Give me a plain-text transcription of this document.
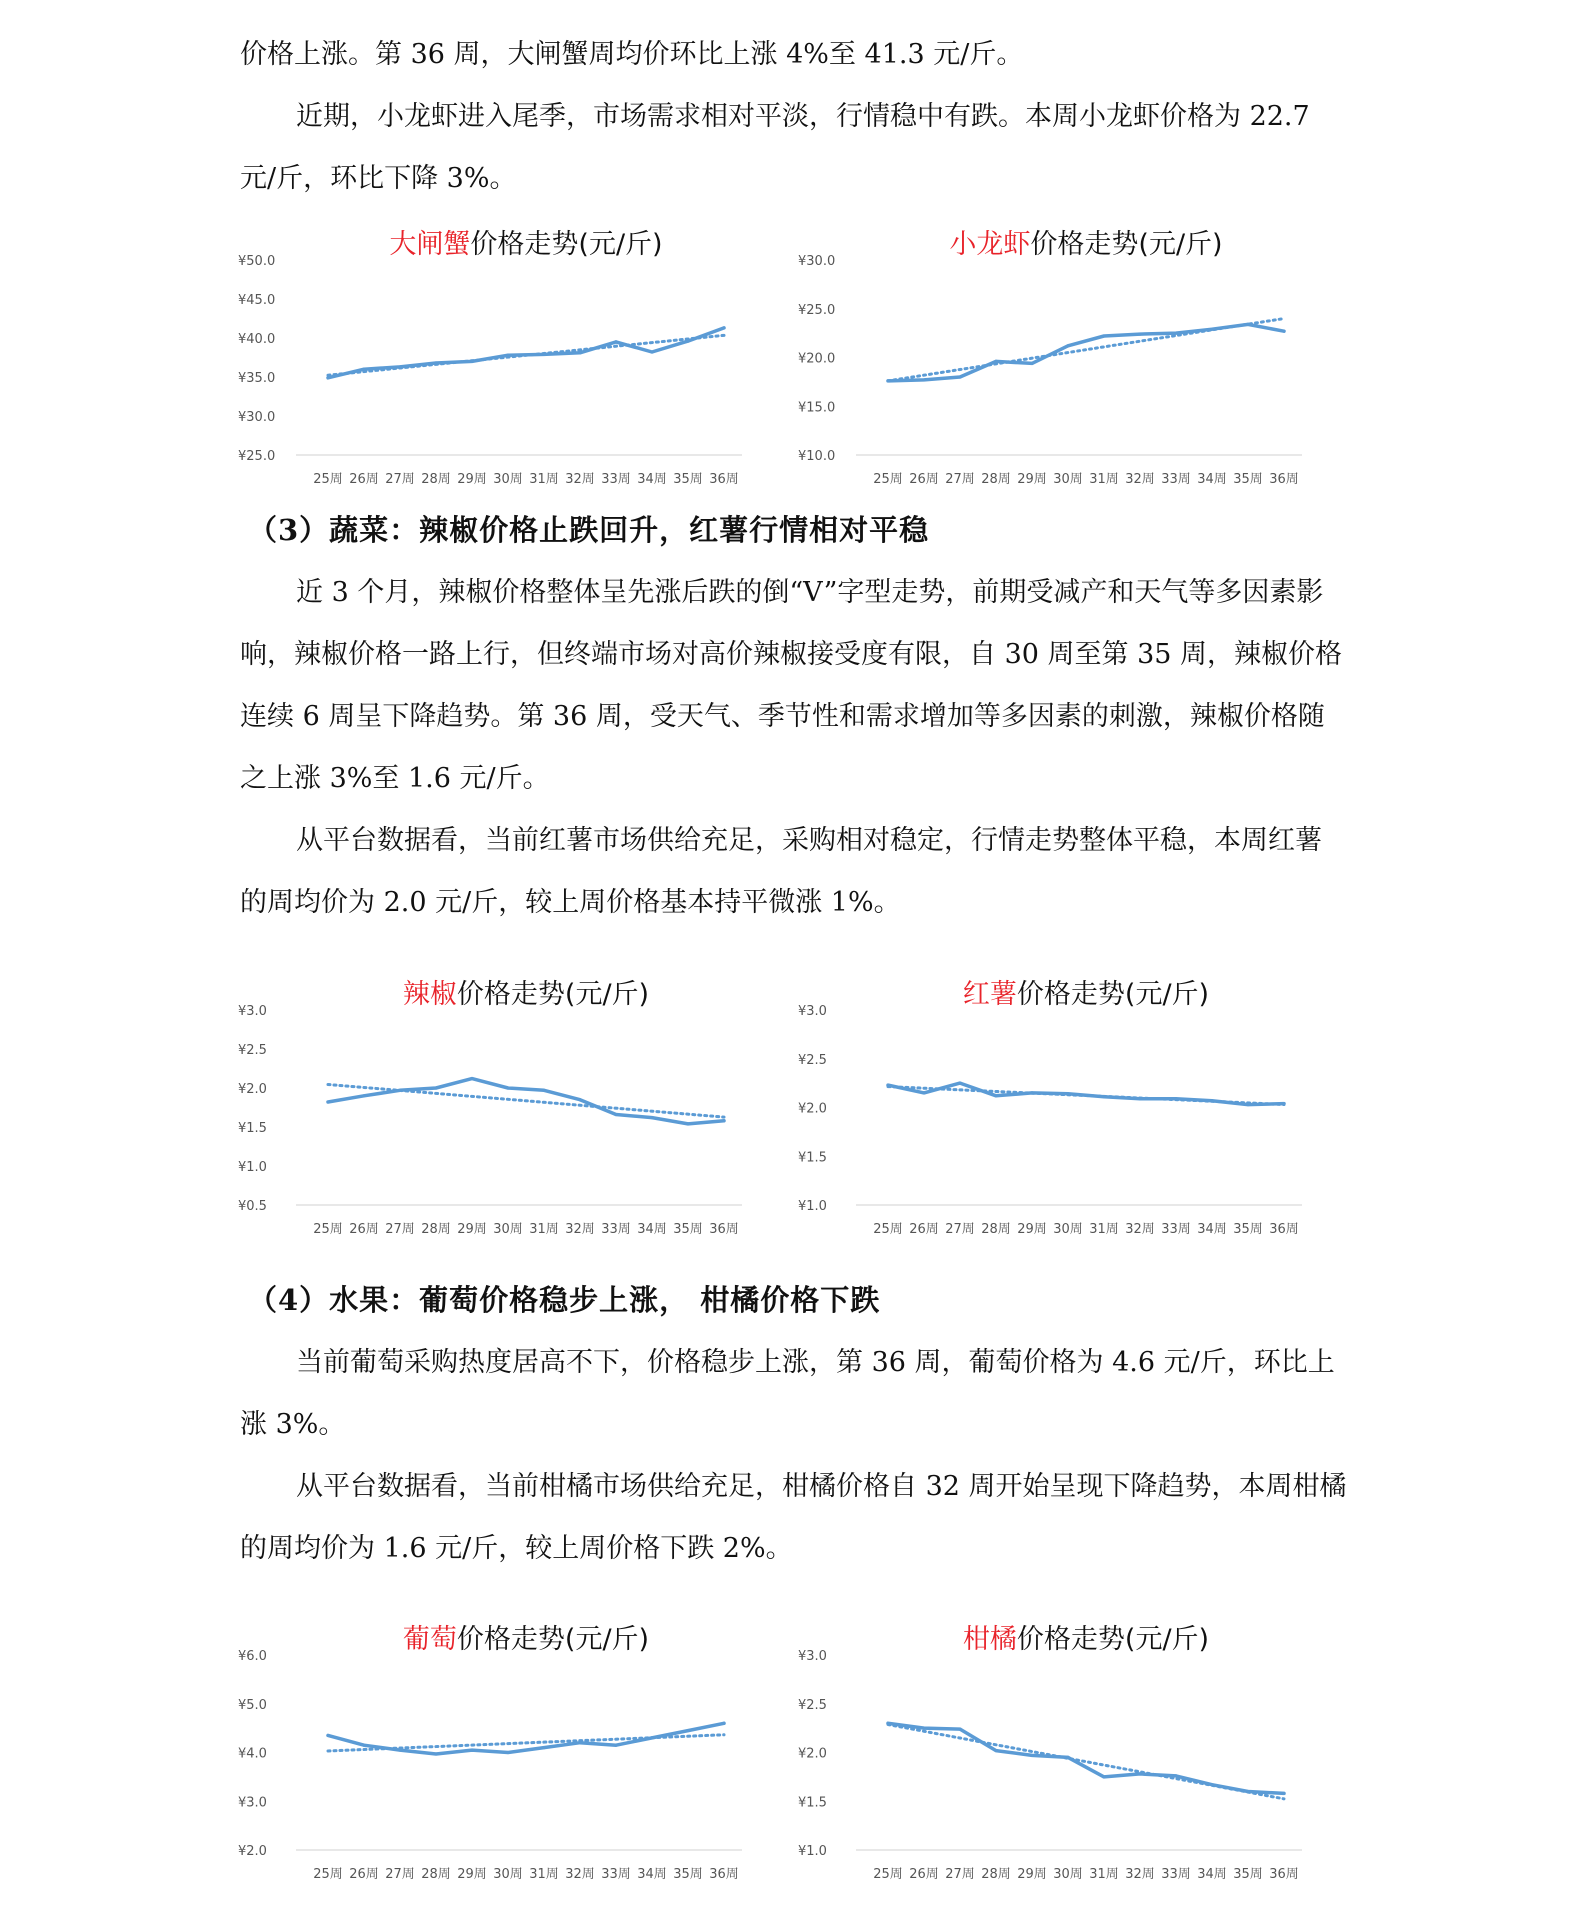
价格上涨。第 36 周，大闸蟹周均价环比上涨 4%至 41.3 元/斤。

近期，小龙虾进入尾季，市场需求相对平淡，行情稳中有跌。本周小龙虾价格为 22.7 元/斤，环比下降 3%。

大闸蟹价格走势(元/斤)
¥50.0
¥45.0
¥40.0
¥35.0
¥30.0
¥25.0
25周 26周 27周 28周 29周 30周 31周 32周 33周 34周 35周 36周
小龙虾价格走势(元/斤)
¥30.0
¥25.0
¥20.0
¥15.0
¥10.0
25周 26周 27周 28周 29周 30周 31周 32周 33周 34周 35周 36周
（3）蔬菜：辣椒价格止跌回升，红薯行情相对平稳

近 3 个月，辣椒价格整体呈先涨后跌的倒“V”字型走势，前期受减产和天气等多因素影响，辣椒价格一路上行，但终端市场对高价辣椒接受度有限，自 30 周至第 35 周，辣椒价格连续 6 周呈下降趋势。第 36 周，受天气、季节性和需求增加等多因素的刺激，辣椒价格随之上涨 3%至 1.6 元/斤。

从平台数据看，当前红薯市场供给充足，采购相对稳定，行情走势整体平稳，本周红薯的周均价为 2.0 元/斤，较上周价格基本持平微涨 1%。

辣椒价格走势(元/斤)
¥3.0
¥2.5
¥2.0
¥1.5
¥1.0
¥0.5
25周 26周 27周 28周 29周 30周 31周 32周 33周 34周 35周 36周
红薯价格走势(元/斤)
¥3.0
¥2.5
¥2.0
¥1.5
¥1.0
25周 26周 27周 28周 29周 30周 31周 32周 33周 34周 35周 36周
（4）水果：葡萄价格稳步上涨， 柑橘价格下跌

当前葡萄采购热度居高不下，价格稳步上涨，第 36 周，葡萄价格为 4.6 元/斤，环比上涨 3%。

从平台数据看，当前柑橘市场供给充足，柑橘价格自 32 周开始呈现下降趋势，本周柑橘的周均价为 1.6 元/斤，较上周价格下跌 2%。

葡萄价格走势(元/斤)
¥6.0
¥5.0
¥4.0
¥3.0
¥2.0
25周 26周 27周 28周 29周 30周 31周 32周 33周 34周 35周 36周
柑橘价格走势(元/斤)
¥3.0
¥2.5
¥2.0
¥1.5
¥1.0
25周 26周 27周 28周 29周 30周 31周 32周 33周 34周 35周 36周
